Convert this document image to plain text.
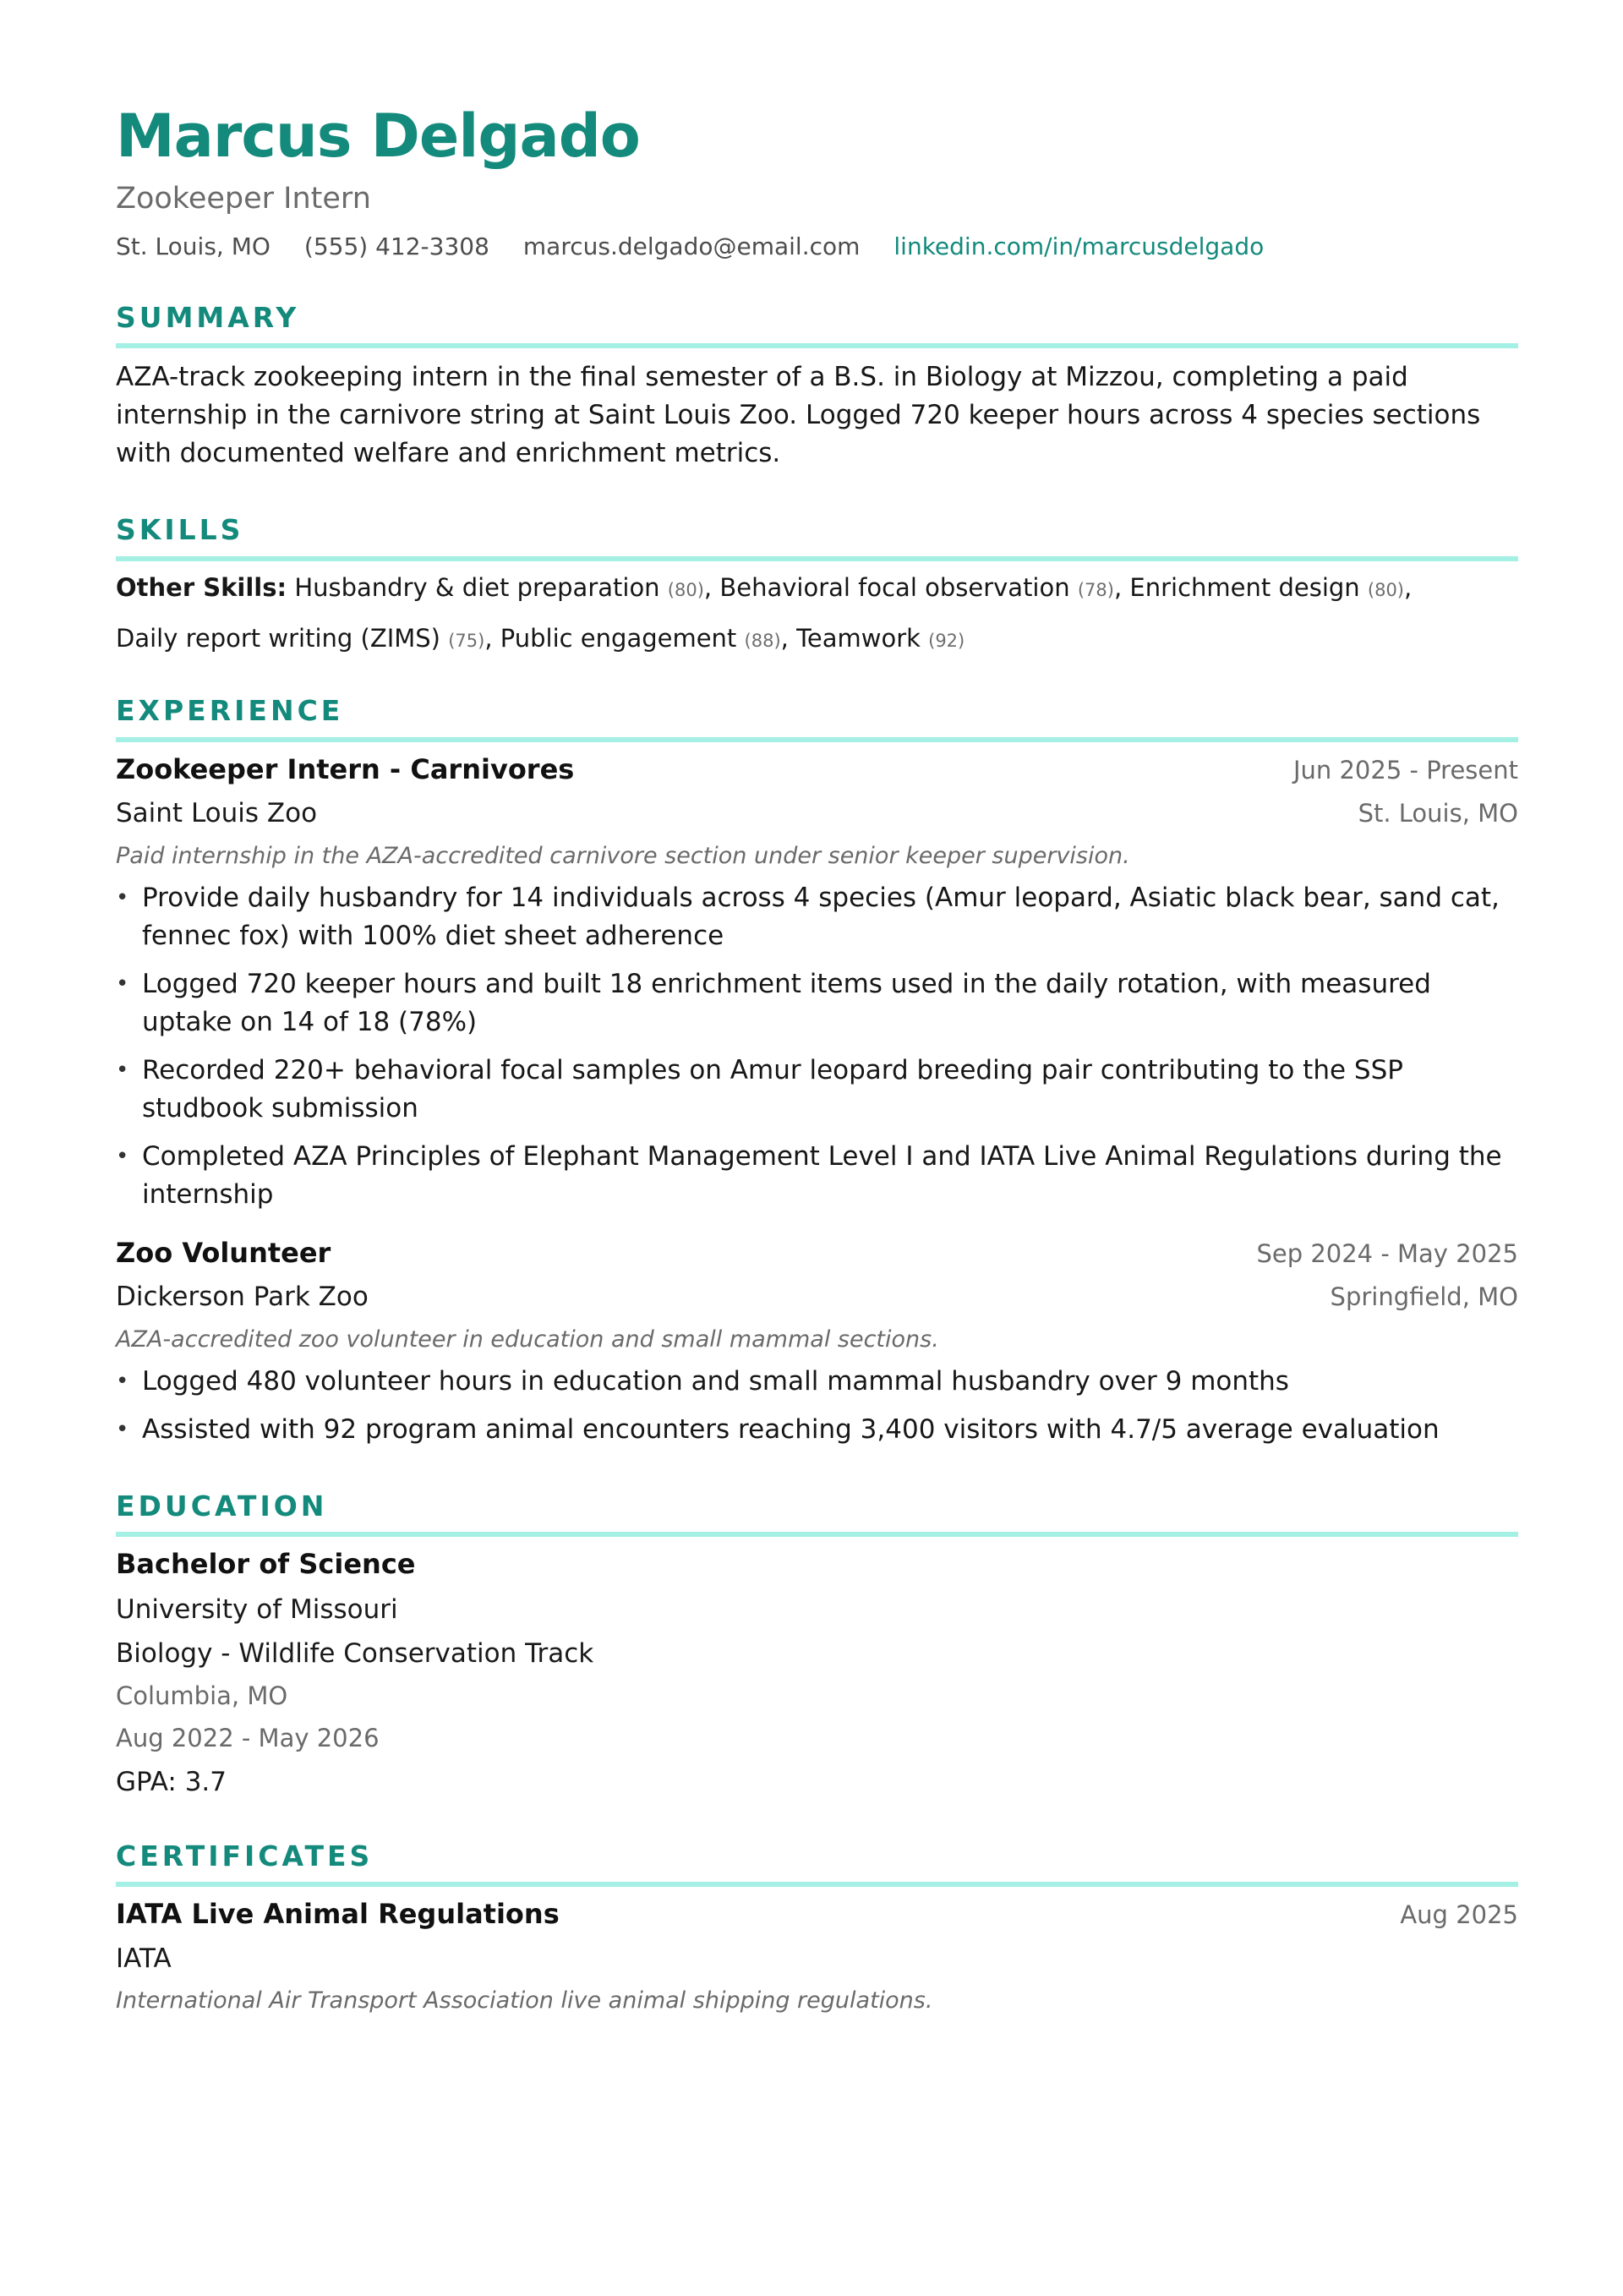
Marcus Delgado
Zookeeper Intern
St. Louis, MO (555) 412-3308 marcus.delgado@email.com linkedin.com/in/marcusdelgado
SUMMARY
AZA-track zookeeping intern in the final semester of a B.S. in Biology at Mizzou, completing a paid internship in the carnivore string at Saint Louis Zoo. Logged 720 keeper hours across 4 species sections with documented welfare and enrichment metrics.
SKILLS
Other Skills: Husbandry & diet preparation (80), Behavioral focal observation (78), Enrichment design (80),
Daily report writing (ZIMS) (75), Public engagement (88), Teamwork (92)
EXPERIENCE
Zookeeper Intern - Carnivores	Jun 2025 - Present
Saint Louis Zoo	St. Louis, MO
Paid internship in the AZA-accredited carnivore section under senior keeper supervision.
• Provide daily husbandry for 14 individuals across 4 species (Amur leopard, Asiatic black bear, sand cat, fennec fox) with 100% diet sheet adherence
• Logged 720 keeper hours and built 18 enrichment items used in the daily rotation, with measured uptake on 14 of 18 (78%)
• Recorded 220+ behavioral focal samples on Amur leopard breeding pair contributing to the SSP studbook submission
• Completed AZA Principles of Elephant Management Level I and IATA Live Animal Regulations during the internship
Zoo Volunteer	Sep 2024 - May 2025
Dickerson Park Zoo	Springfield, MO
AZA-accredited zoo volunteer in education and small mammal sections.
• Logged 480 volunteer hours in education and small mammal husbandry over 9 months
• Assisted with 92 program animal encounters reaching 3,400 visitors with 4.7/5 average evaluation
EDUCATION
Bachelor of Science
University of Missouri
Biology - Wildlife Conservation Track
Columbia, MO
Aug 2022 - May 2026
GPA: 3.7
CERTIFICATES
IATA Live Animal Regulations	Aug 2025
IATA
International Air Transport Association live animal shipping regulations.
